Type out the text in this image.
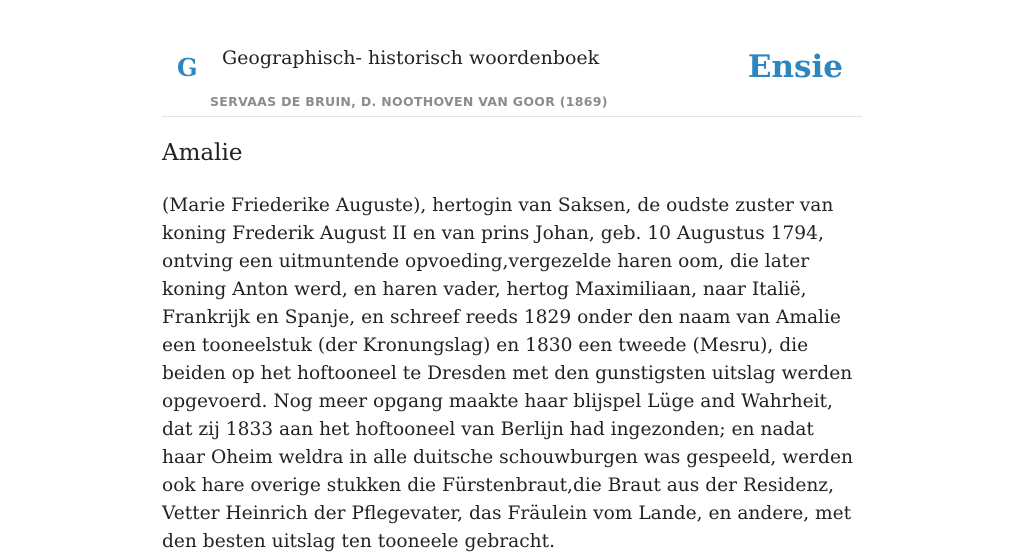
G Geographisch- historisch woordenboek
SERVAAS DE BRUIN, D. NOOTHOVEN VAN GOOR (1869)
Ensie
Amalie

(Marie Friederike Auguste), hertogin van Saksen, de oudste zuster van koning Frederik August II en van prins Johan, geb. 10 Augustus 1794, ontving een uitmuntende opvoeding,vergezelde haren oom, die later koning Anton werd, en haren vader, hertog Maximiliaan, naar Italië, Frankrijk en Spanje, en schreef reeds 1829 onder den naam van Amalie een tooneelstuk (der Kronungslag) en 1830 een tweede (Mesru), die beiden op het hoftooneel te Dresden met den gunstigsten uitslag werden opgevoerd. Nog meer opgang maakte haar blijspel Lüge and Wahrheit, dat zij 1833 aan het hoftooneel van Berlijn had ingezonden; en nadat haar Oheim weldra in alle duitsche schouwburgen was gespeeld, werden ook hare overige stukken die Fürstenbraut,die Braut aus der Residenz, Vetter Heinrich der Pflegevater, das Fräulein vom Lande, en andere, met den besten uitslag ten tooneele gebracht.
